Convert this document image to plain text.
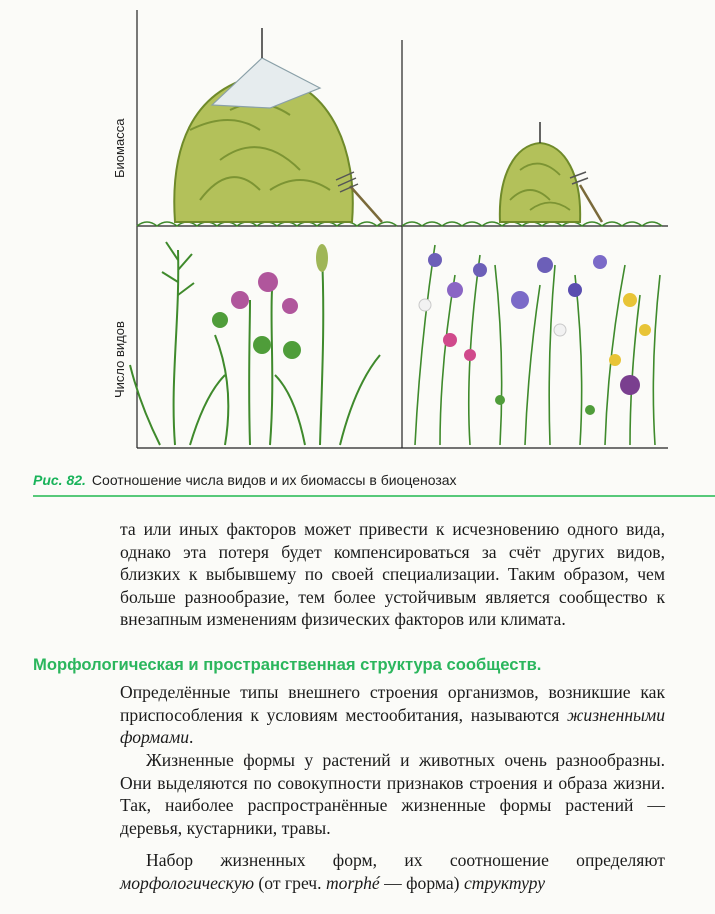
Биомасса
Число видов
Рис. 82. Соотношение числа видов и их биомассы в биоценозах

та или иных факторов может привести к исчезновению одного вида, однако эта потеря будет компенсироваться за счёт других видов, близких к выбывшему по своей специализации. Таким образом, чем больше разнообразие, тем более устойчивым является сообщество к внезапным изменениям физических факторов или климата.

Морфологическая и пространственная структура сообществ.

Определённые типы внешнего строения организмов, возникшие как приспособления к условиям местообитания, называются жизненными формами.

Жизненные формы у растений и животных очень разнообразны. Они выделяются по совокупности признаков строения и образа жизни. Так, наиболее распространённые жизненные формы растений — деревья, кустарники, травы.

Набор жизненных форм, их соотношение определяют морфологическую (от греч. morphé — форма) структуру
